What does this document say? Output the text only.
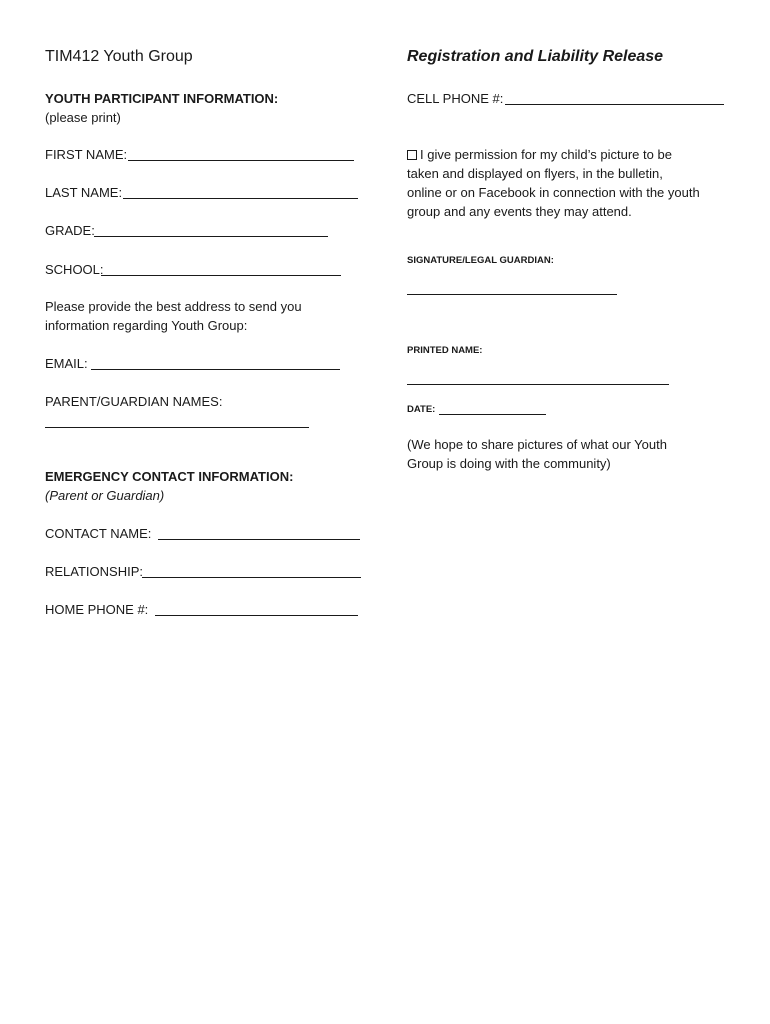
TIM412 Youth Group
YOUTH PARTICIPANT INFORMATION:
(please print)
FIRST NAME:
LAST NAME:
GRADE:
SCHOOL:
Please provide the best address to send you
information regarding Youth Group:
EMAIL:
PARENT/GUARDIAN NAMES:
EMERGENCY CONTACT INFORMATION:
(Parent or Guardian)
CONTACT NAME:
RELATIONSHIP:
HOME PHONE #:
Registration and Liability Release
CELL PHONE #:
I give permission for my child’s picture to be
taken and displayed on flyers, in the bulletin,
online or on Facebook in connection with the youth
group and any events they may attend.
SIGNATURE/LEGAL GUARDIAN:
PRINTED NAME:
DATE:
(We hope to share pictures of what our Youth
Group is doing with the community)
